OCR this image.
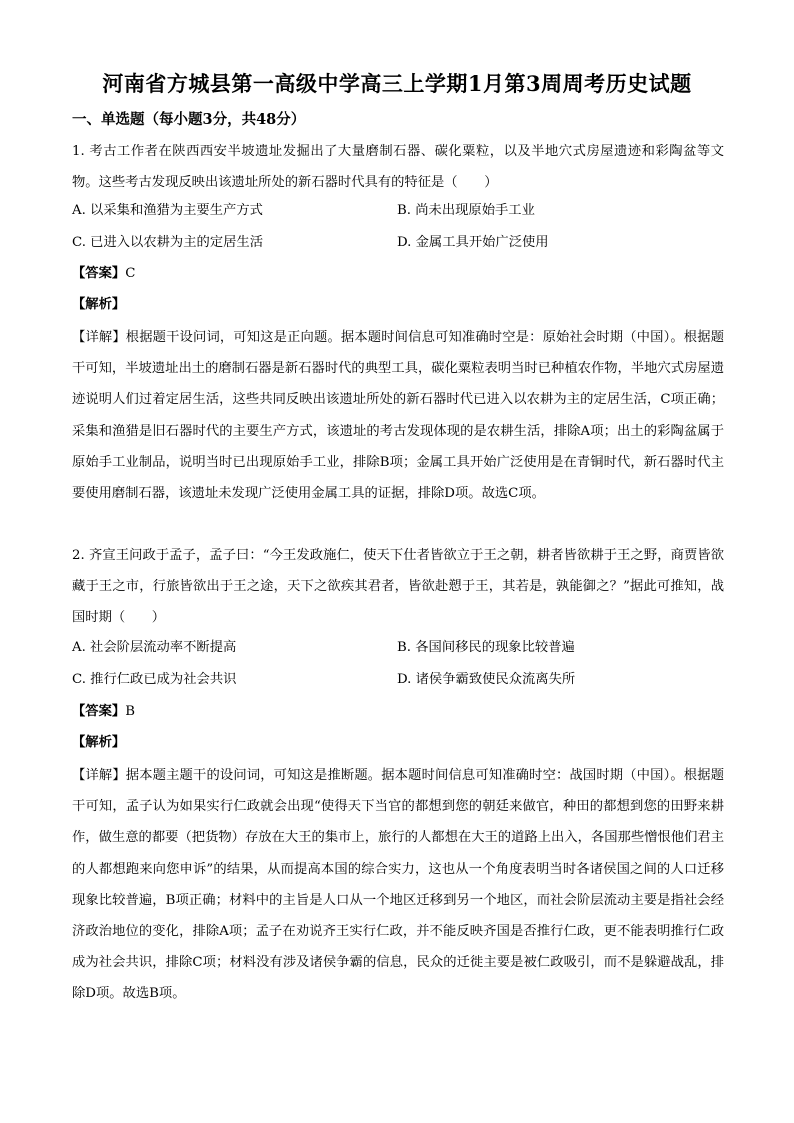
河南省方城县第一高级中学高三上学期1月第3周周考历史试题
一、单选题（每小题3分，共48分）
1. 考古工作者在陕西西安半坡遗址发掘出了大量磨制石器、碳化粟粒，以及半地穴式房屋遗迹和彩陶盆等文物。这些考古发现反映出该遗址所处的新石器时代具有的特征是（　　）
A. 以采集和渔猎为主要生产方式	B. 尚未出现原始手工业
C. 已进入以农耕为主的定居生活	D. 金属工具开始广泛使用
【答案】C
【解析】
【详解】根据题干设问词，可知这是正向题。据本题时间信息可知准确时空是：原始社会时期（中国）。根据题干可知，半坡遗址出土的磨制石器是新石器时代的典型工具，碳化粟粒表明当时已种植农作物，半地穴式房屋遗迹说明人们过着定居生活，这些共同反映出该遗址所处的新石器时代已进入以农耕为主的定居生活，C项正确；采集和渔猎是旧石器时代的主要生产方式，该遗址的考古发现体现的是农耕生活，排除A项；出土的彩陶盆属于原始手工业制品，说明当时已出现原始手工业，排除B项；金属工具开始广泛使用是在青铜时代，新石器时代主要使用磨制石器，该遗址未发现广泛使用金属工具的证据，排除D项。故选C项。
2. 齐宣王问政于孟子，孟子曰：“今王发政施仁，使天下仕者皆欲立于王之朝，耕者皆欲耕于王之野，商贾皆欲藏于王之市，行旅皆欲出于王之途，天下之欲疾其君者，皆欲赴愬于王，其若是，孰能御之？”据此可推知，战国时期（　　）
A. 社会阶层流动率不断提高	B. 各国间移民的现象比较普遍
C. 推行仁政已成为社会共识	D. 诸侯争霸致使民众流离失所
【答案】B
【解析】
【详解】据本题主题干的设问词，可知这是推断题。据本题时间信息可知准确时空：战国时期（中国）。根据题干可知，孟子认为如果实行仁政就会出现“使得天下当官的都想到您的朝廷来做官，种田的都想到您的田野来耕作，做生意的都要（把货物）存放在大王的集市上，旅行的人都想在大王的道路上出入，各国那些憎恨他们君主的人都想跑来向您申诉”的结果，从而提高本国的综合实力，这也从一个角度表明当时各诸侯国之间的人口迁移现象比较普遍，B项正确；材料中的主旨是人口从一个地区迁移到另一个地区，而社会阶层流动主要是指社会经济政治地位的变化，排除A项；孟子在劝说齐王实行仁政，并不能反映齐国是否推行仁政，更不能表明推行仁政成为社会共识，排除C项；材料没有涉及诸侯争霸的信息，民众的迁徙主要是被仁政吸引，而不是躲避战乱，排除D项。故选B项。
